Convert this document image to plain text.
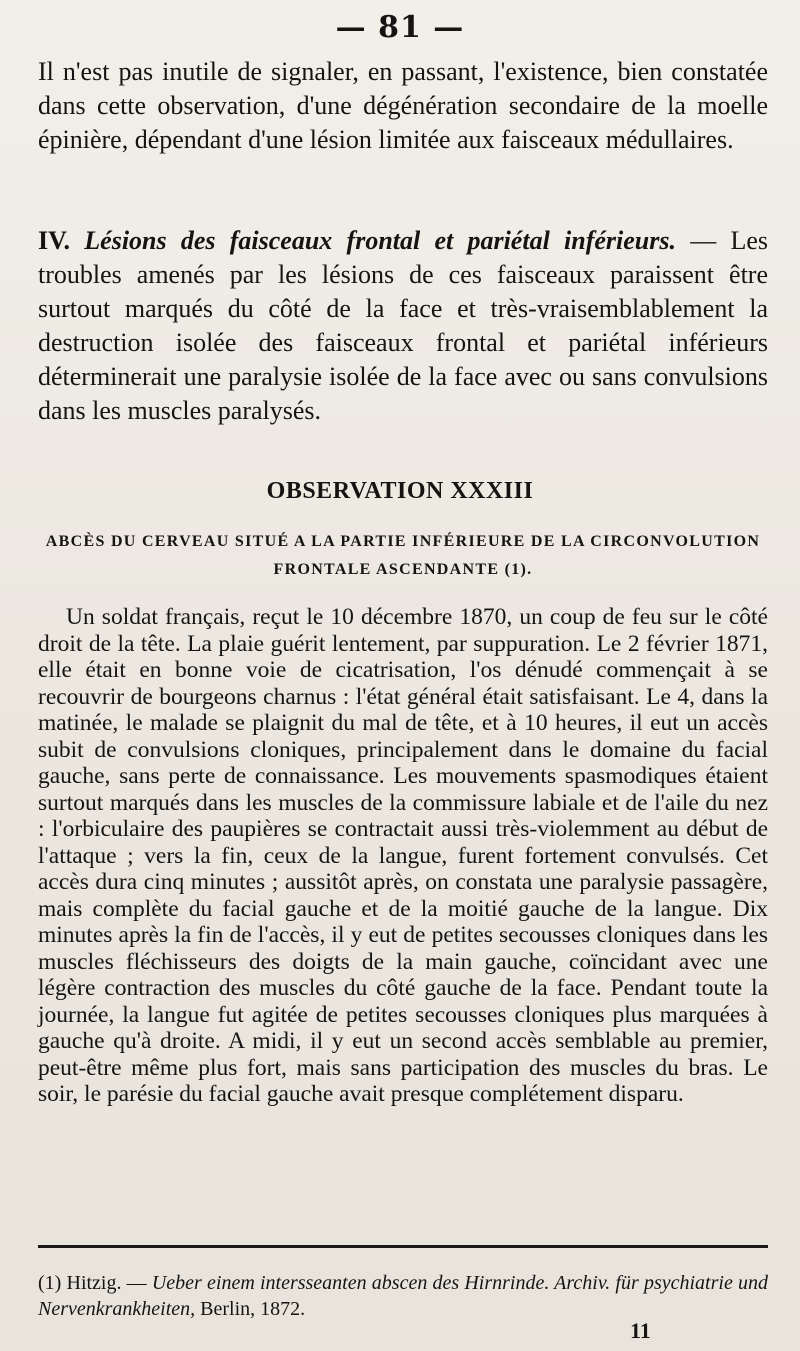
— 81 —
Il n'est pas inutile de signaler, en passant, l'existence, bien constatée dans cette observation, d'une dégénération secondaire de la moelle épinière, dépendant d'une lésion limitée aux faisceaux médullaires.
IV. Lésions des faisceaux frontal et pariétal inférieurs. — Les troubles amenés par les lésions de ces faisceaux paraissent être surtout marqués du côté de la face et très-vraisemblablement la destruction isolée des faisceaux frontal et pariétal inférieurs déterminerait une paralysie isolée de la face avec ou sans convulsions dans les muscles paralysés.
OBSERVATION XXXIII
ABCÈS DU CERVEAU SITUÉ A LA PARTIE INFÉRIEURE DE LA CIRCONVOLUTION FRONTALE ASCENDANTE (1).
Un soldat français, reçut le 10 décembre 1870, un coup de feu sur le côté droit de la tête. La plaie guérit lentement, par suppuration. Le 2 février 1871, elle était en bonne voie de cicatrisation, l'os dénudé commençait à se recouvrir de bourgeons charnus : l'état général était satisfaisant. Le 4, dans la matinée, le malade se plaignit du mal de tête, et à 10 heures, il eut un accès subit de convulsions cloniques, principalement dans le domaine du facial gauche, sans perte de connaissance. Les mouvements spasmodiques étaient surtout marqués dans les muscles de la commissure labiale et de l'aile du nez : l'orbiculaire des paupières se contractait aussi très-violemment au début de l'attaque ; vers la fin, ceux de la langue, furent fortement convulsés. Cet accès dura cinq minutes ; aussitôt après, on constata une paralysie passagère, mais complète du facial gauche et de la moitié gauche de la langue. Dix minutes après la fin de l'accès, il y eut de petites secousses cloniques dans les muscles fléchisseurs des doigts de la main gauche, coïncidant avec une légère contraction des muscles du côté gauche de la face. Pendant toute la journée, la langue fut agitée de petites secousses cloniques plus marquées à gauche qu'à droite. A midi, il y eut un second accès semblable au premier, peut-être même plus fort, mais sans participation des muscles du bras. Le soir, le parésie du facial gauche avait presque complétement disparu.
(1) Hitzig. — Ueber einem intersseanten abscen des Hirnrinde. Archiv. für psychiatrie und Nervenkrankheiten, Berlin, 1872.
11
